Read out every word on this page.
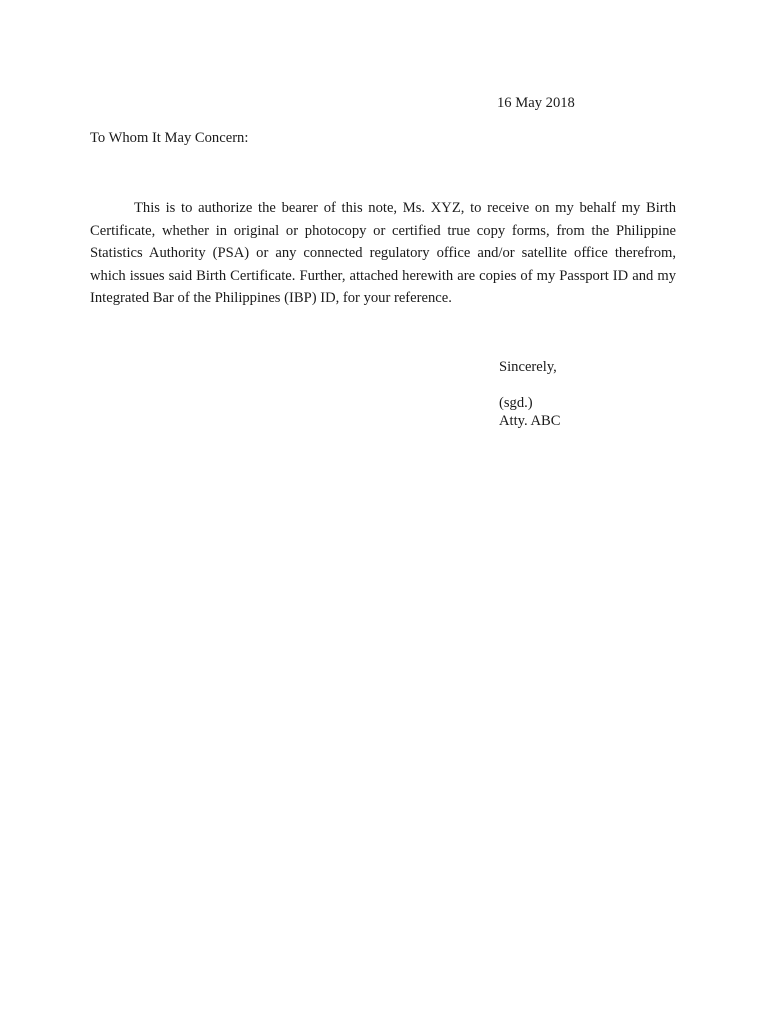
16 May 2018
To Whom It May Concern:

This is to authorize the bearer of this note, Ms. XYZ, to receive on my behalf my Birth Certificate, whether in original or photocopy or certified true copy forms, from the Philippine Statistics Authority (PSA) or any connected regulatory office and/or satellite office therefrom, which issues said Birth Certificate. Further, attached herewith are copies of my Passport ID and my Integrated Bar of the Philippines (IBP) ID, for your reference.

Sincerely,
(sgd.)
Atty. ABC
